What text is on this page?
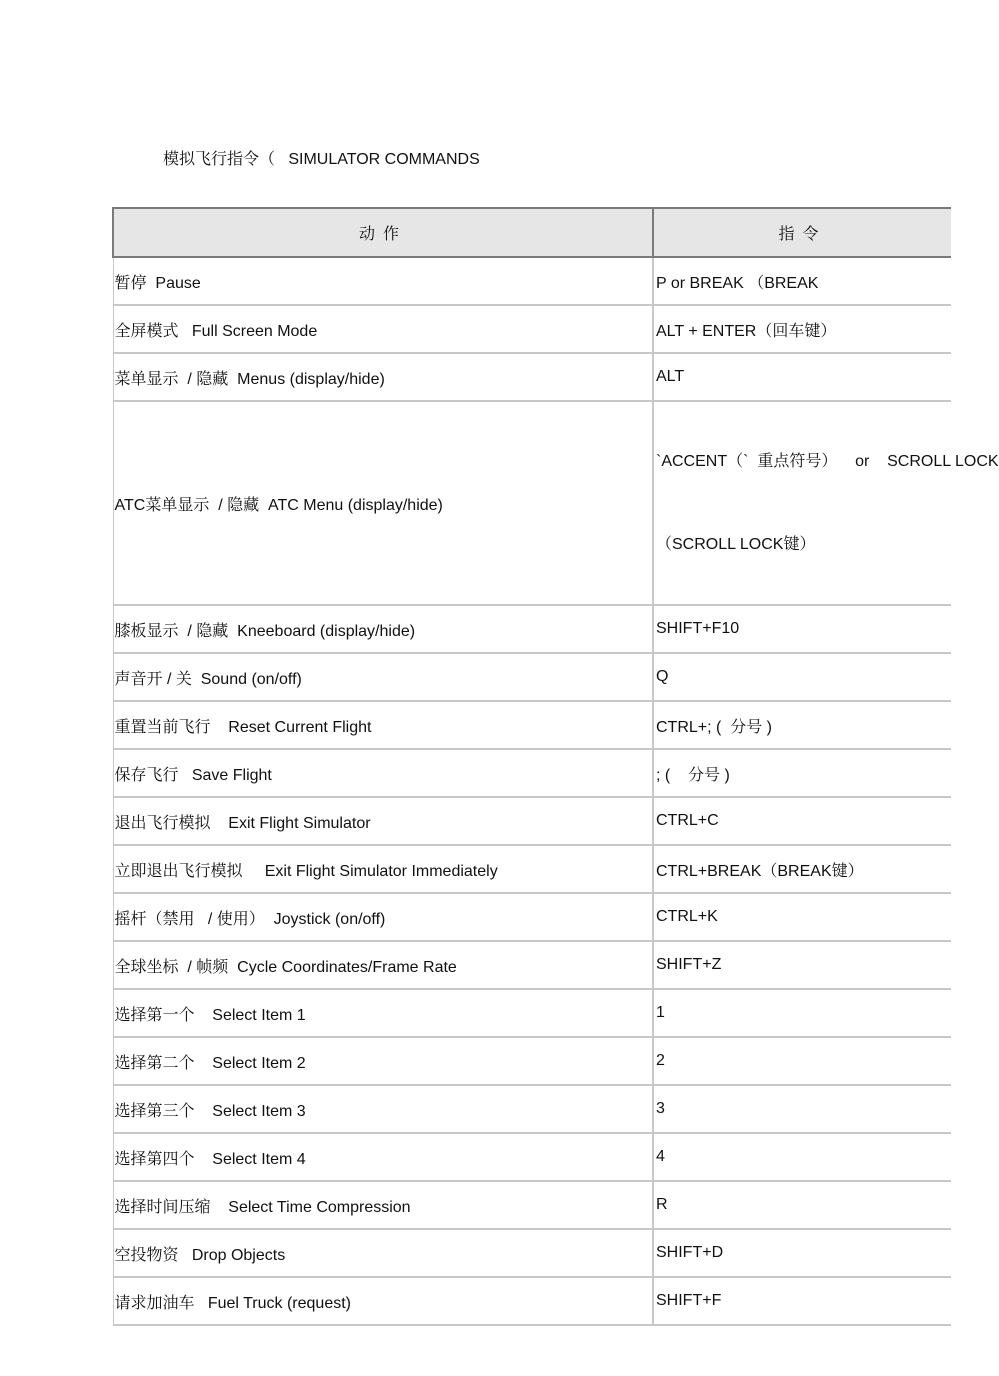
模拟飞行指令（   SIMULATOR COMMANDS
动作	指令
暂停  Pause	P or BREAK （BREAK
全屏模式   Full Screen Mode	ALT + ENTER（回车键）
菜单显示  / 隐藏  Menus (display/hide)	ALT
ATC菜单显示  / 隐藏  ATC Menu (display/hide)	`ACCENT（`  重点符号）    or    SCROLL LOCK

（SCROLL LOCK键）

膝板显示  / 隐藏  Kneeboard (display/hide)	SHIFT+F10
声音开 / 关  Sound (on/off)	Q
重置当前飞行    Reset Current Flight	CTRL+; (  分号 )
保存飞行   Save Flight	; (    分号 )
退出飞行模拟    Exit Flight Simulator	CTRL+C
立即退出飞行模拟     Exit Flight Simulator Immediately	CTRL+BREAK（BREAK键）
摇杆（禁用   / 使用）  Joystick (on/off)	CTRL+K
全球坐标  / 帧频  Cycle Coordinates/Frame Rate	SHIFT+Z
选择第一个    Select Item 1	1
选择第二个    Select Item 2	2
选择第三个    Select Item 3	3
选择第四个    Select Item 4	4
选择时间压缩    Select Time Compression	R
空投物资   Drop Objects	SHIFT+D
请求加油车   Fuel Truck (request)	SHIFT+F
